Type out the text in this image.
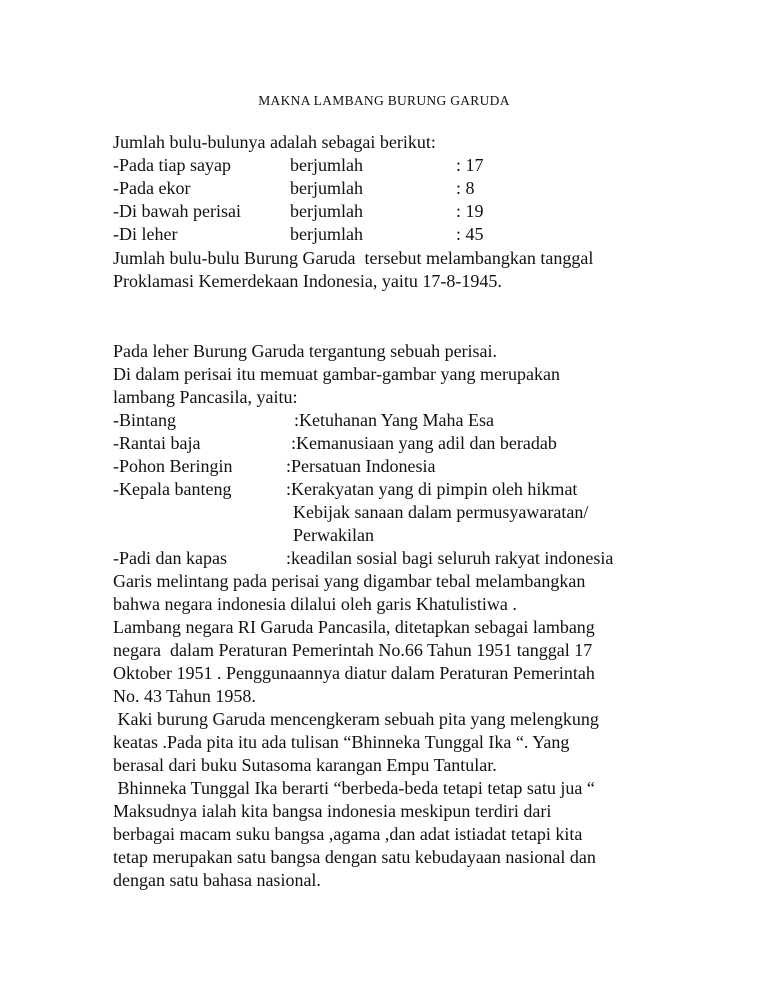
MAKNA LAMBANG BURUNG GARUDA
Jumlah bulu-bulunya adalah sebagai berikut:
-Pada tiap sayap	berjumlah	: 17
-Pada ekor	berjumlah	: 8
-Di bawah perisai	berjumlah	: 19
-Di leher	berjumlah	: 45
Jumlah bulu-bulu Burung Garuda  tersebut melambangkan tanggal
Proklamasi Kemerdekaan Indonesia, yaitu 17-8-1945.
Pada leher Burung Garuda tergantung sebuah perisai.
Di dalam perisai itu memuat gambar-gambar yang merupakan
lambang Pancasila, yaitu:
-Bintang	:Ketuhanan Yang Maha Esa
-Rantai baja	:Kemanusiaan yang adil dan beradab
-Pohon Beringin	:Persatuan Indonesia
-Kepala banteng	:Kerakyatan yang di pimpin oleh hikmat
Kebijak sanaan dalam permusyawaratan/
Perwakilan
-Padi dan kapas	:keadilan sosial bagi seluruh rakyat indonesia
Garis melintang pada perisai yang digambar tebal melambangkan
bahwa negara indonesia dilalui oleh garis Khatulistiwa .
Lambang negara RI Garuda Pancasila, ditetapkan sebagai lambang
negara  dalam Peraturan Pemerintah No.66 Tahun 1951 tanggal 17
Oktober 1951 . Penggunaannya diatur dalam Peraturan Pemerintah
No. 43 Tahun 1958.
Kaki burung Garuda mencengkeram sebuah pita yang melengkung
keatas .Pada pita itu ada tulisan “Bhinneka Tunggal Ika “. Yang
berasal dari buku Sutasoma karangan Empu Tantular.
Bhinneka Tunggal Ika berarti “berbeda-beda tetapi tetap satu jua “
Maksudnya ialah kita bangsa indonesia meskipun terdiri dari
berbagai macam suku bangsa ,agama ,dan adat istiadat tetapi kita
tetap merupakan satu bangsa dengan satu kebudayaan nasional dan
dengan satu bahasa nasional.
